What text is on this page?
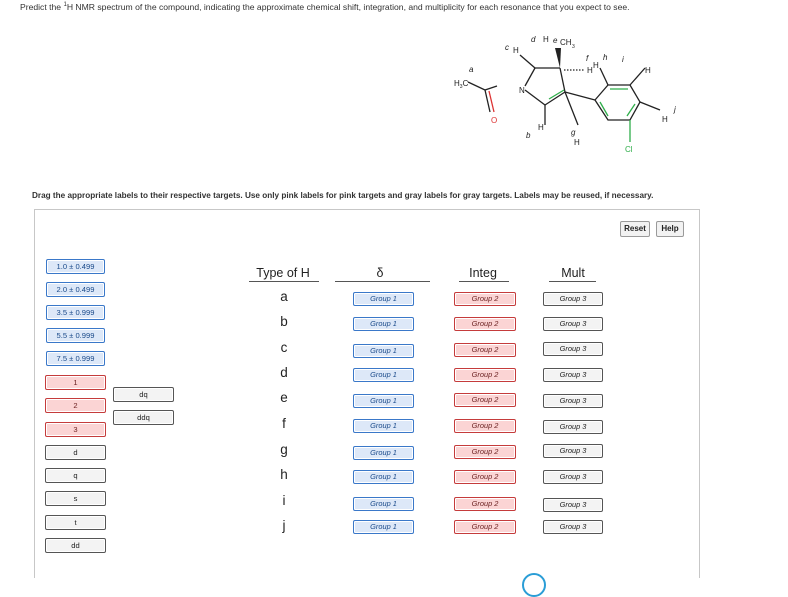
Predict the $^1$H NMR spectrum of the compound, indicating the approximate chemical shift, integration, and multiplicity for each resonance that you expect to see.
$H_3C$
a
O
N
H
c
d H e CH 3
H
f h
H
i
H
j
H
H
b	g
H
Cl
Drag the appropriate labels to their respective targets. Use only pink labels for pink targets and gray labels for gray targets. Labels may be reused, if necessary.
Reset	Help
1.0 ± 0.499
2.0 ± 0.499
3.5 ± 0.999
5.5 ± 0.999
7.5 ± 0.999
1
2
3
d
q
s
t
dd
dq
ddq
Type of H	δ	Integ	Mult
a	Group 1	Group 2	Group 3
b	Group 1	Group 2	Group 3
c	Group 1	Group 2	Group 3
d	Group 1	Group 2	Group 3
e	Group 1	Group 2	Group 3
f	Group 1	Group 2	Group 3
g	Group 1	Group 2	Group 3
h	Group 1	Group 2	Group 3
i	Group 1	Group 2	Group 3
j	Group 1	Group 2	Group 3
